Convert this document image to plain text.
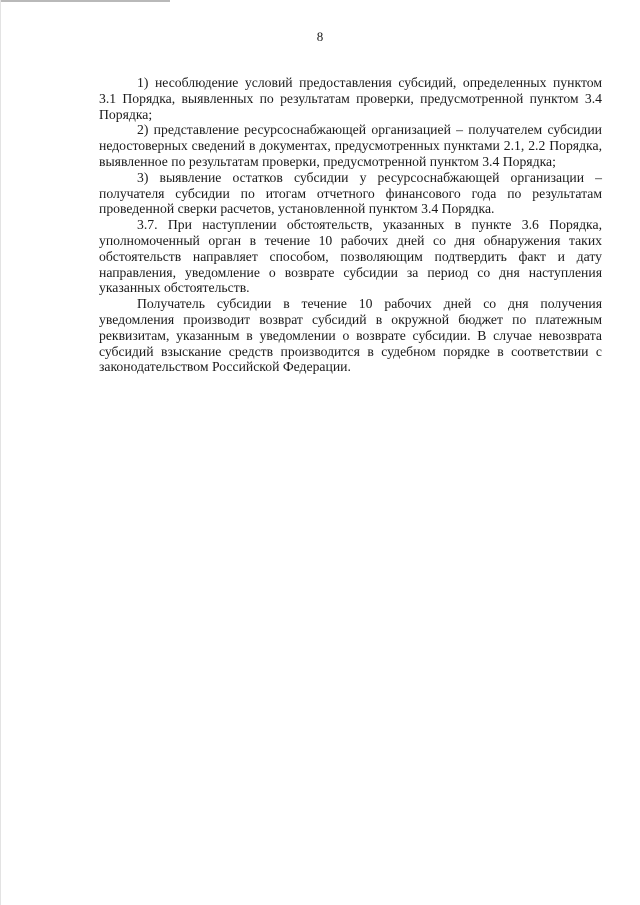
8

1) несоблюдение условий предоставления субсидий, определенных пунктом 3.1 Порядка, выявленных по результатам проверки, предусмотренной пунктом 3.4 Порядка;

2) представление ресурсоснабжающей организацией – получателем субсидии недостоверных сведений в документах, предусмотренных пунктами 2.1, 2.2 Порядка, выявленное по результатам проверки, предусмотренной пунктом 3.4 Порядка;

3) выявление остатков субсидии у ресурсоснабжающей организации – получателя субсидии по итогам отчетного финансового года по результатам проведенной сверки расчетов, установленной пунктом 3.4 Порядка.

3.7. При наступлении обстоятельств, указанных в пункте 3.6 Порядка, уполномоченный орган в течение 10 рабочих дней со дня обнаружения таких обстоятельств направляет способом, позволяющим подтвердить факт и дату направления, уведомление о возврате субсидии за период со дня наступления указанных обстоятельств.

Получатель субсидии в течение 10 рабочих дней со дня получения уведомления производит возврат субсидий в окружной бюджет по платежным реквизитам, указанным в уведомлении о возврате субсидии. В случае невозврата субсидий взыскание средств производится в судебном порядке в соответствии с законодательством Российской Федерации.
